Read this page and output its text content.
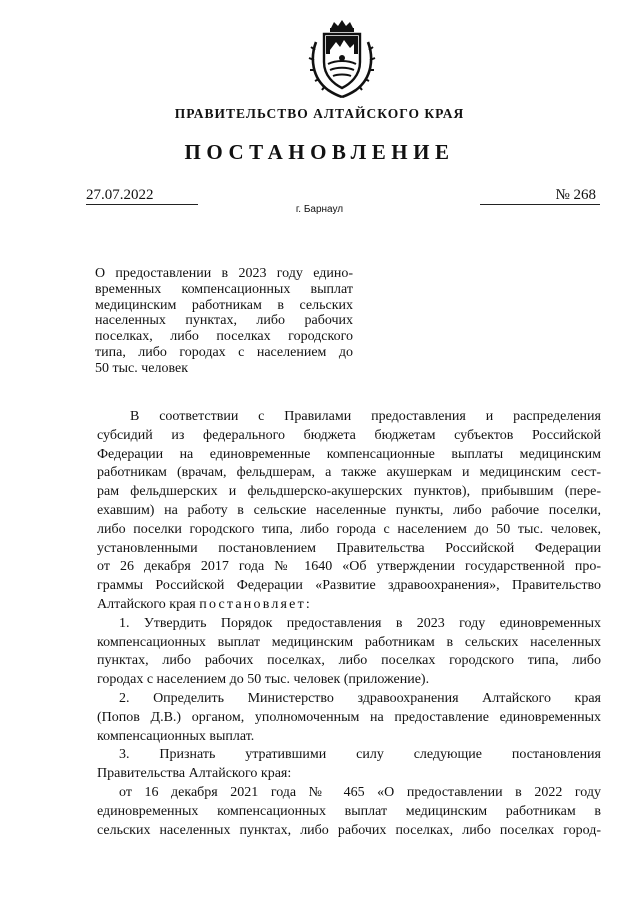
ПРАВИТЕЛЬСТВО АЛТАЙСКОГО КРАЯ
ПОСТАНОВЛЕНИЕ
27.07.2022	№ 268
г. Барнаул
О предоставлении в 2023 году едино-
временных компенсационных выплат
медицинским работникам в сельских
населенных пунктах, либо рабочих
поселках, либо поселках городского
типа, либо городах с населением до
50 тыс. человек
В соответствии с Правилами предоставления и распределения
субсидий из федерального бюджета бюджетам субъектов Российской
Федерации на единовременные компенсационные выплаты медицинским
работникам (врачам, фельдшерам, а также акушеркам и медицинским сест-
рам фельдшерских и фельдшерско-акушерских пунктов), прибывшим (пере-
ехавшим) на работу в сельские населенные пункты, либо рабочие поселки,
либо поселки городского типа, либо города с населением до 50 тыс. человек,
установленными постановлением Правительства Российской Федерации
от 26 декабря 2017 года № 1640 «Об утверждении государственной про-
граммы Российской Федерации «Развитие здравоохранения», Правительство
Алтайского края постановляет:
1. Утвердить Порядок предоставления в 2023 году единовременных
компенсационных выплат медицинским работникам в сельских населенных
пунктах, либо рабочих поселках, либо поселках городского типа, либо
городах с населением до 50 тыс. человек (приложение).
2. Определить Министерство здравоохранения Алтайского края
(Попов Д.В.) органом, уполномоченным на предоставление единовременных
компенсационных выплат.
3. Признать утратившими силу следующие постановления
Правительства Алтайского края:
от 16 декабря 2021 года № 465 «О предоставлении в 2022 году
единовременных компенсационных выплат медицинским работникам в
сельских населенных пунктах, либо рабочих поселках, либо поселках город-
